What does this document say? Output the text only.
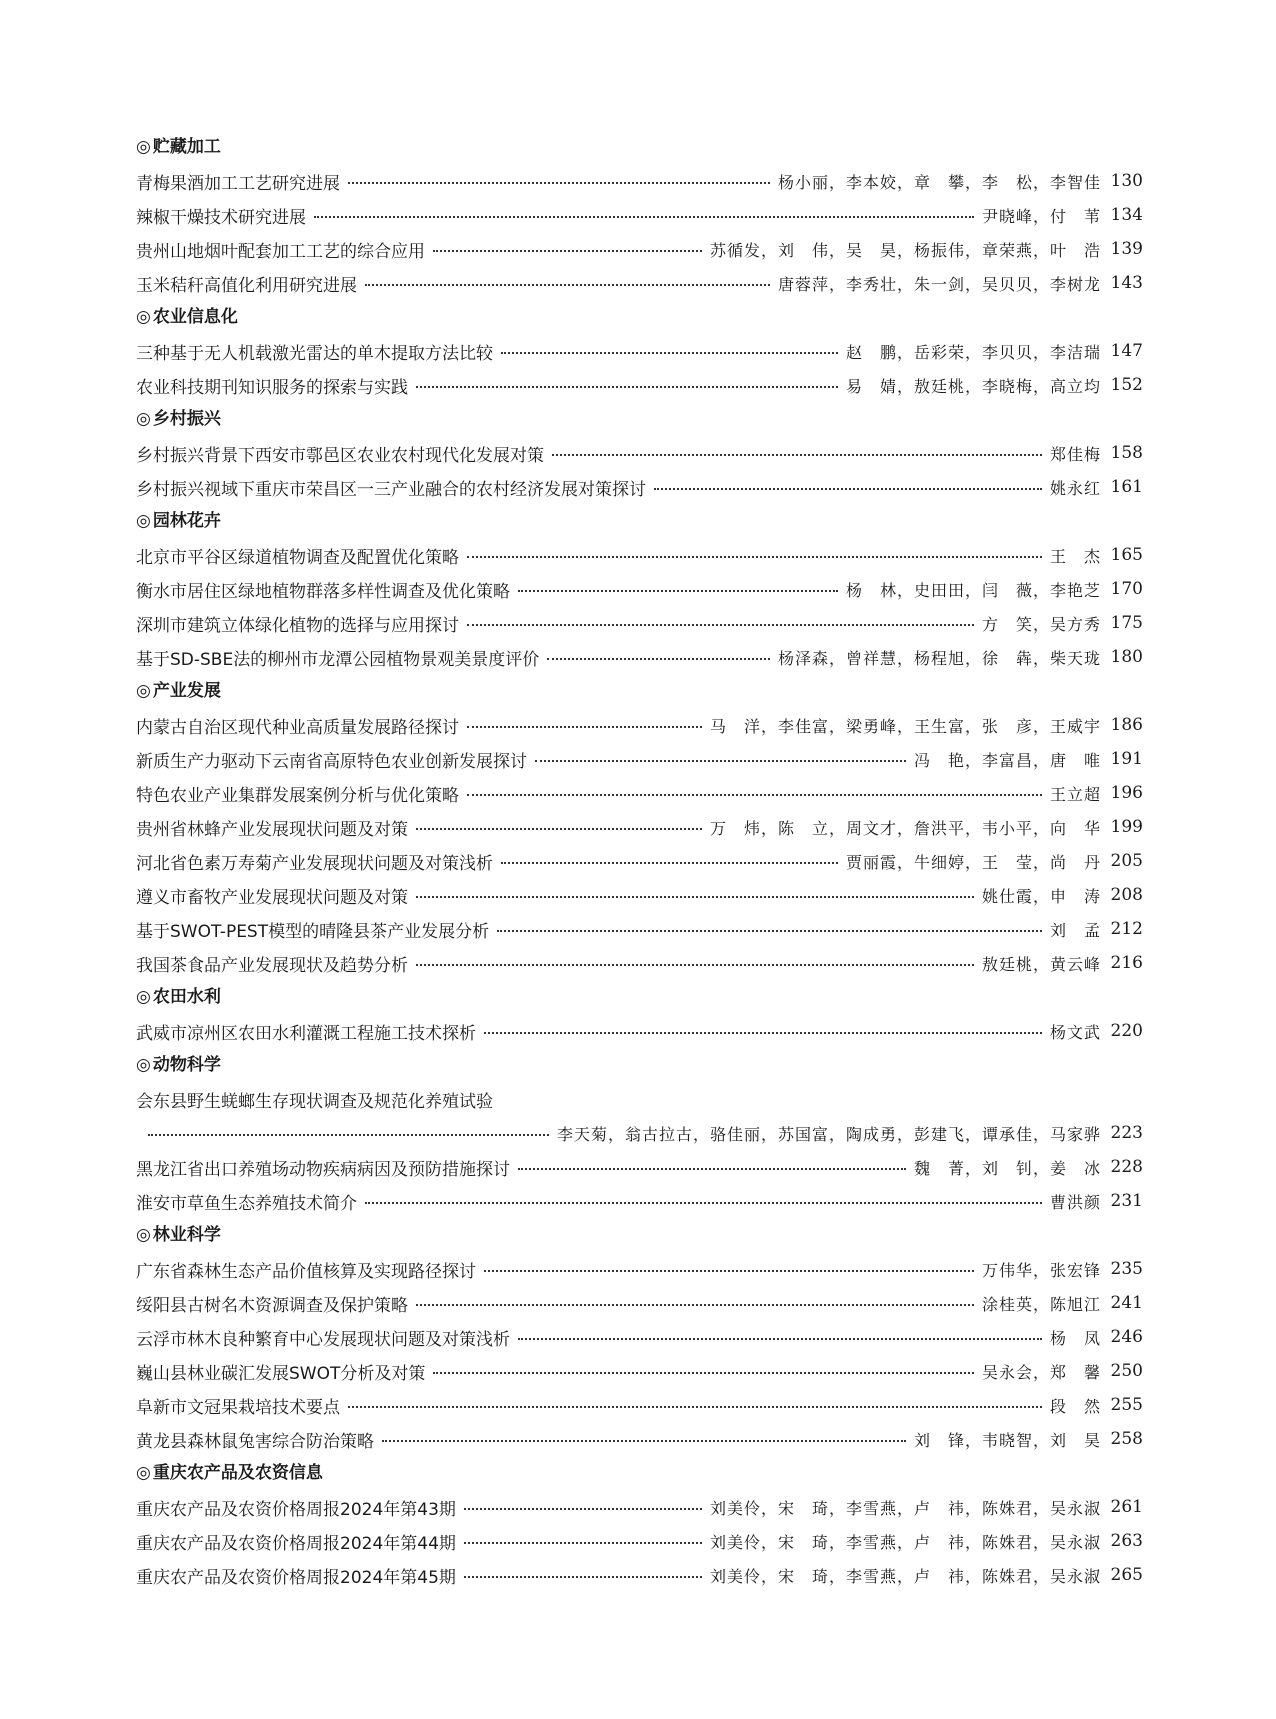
◎ 贮藏加工
青梅果酒加工工艺研究进展	杨小丽，李本姣，章　攀，李　松，李智佳 130
辣椒干燥技术研究进展	尹晓峰，付　苇 134
贵州山地烟叶配套加工工艺的综合应用	苏循发，刘　伟，吴　昊，杨振伟，章荣燕，叶　浩 139
玉米秸秆高值化利用研究进展	唐蓉萍，李秀壮，朱一剑，吴贝贝，李树龙 143
◎ 农业信息化
三种基于无人机载激光雷达的单木提取方法比较	赵　鹏，岳彩荣，李贝贝，李洁瑞 147
农业科技期刊知识服务的探索与实践	易　婧，敖廷桃，李晓梅，高立均 152
◎ 乡村振兴
乡村振兴背景下西安市鄠邑区农业农村现代化发展对策	郑佳梅 158
乡村振兴视域下重庆市荣昌区一三产业融合的农村经济发展对策探讨	姚永红 161
◎ 园林花卉
北京市平谷区绿道植物调查及配置优化策略	王　杰 165
衡水市居住区绿地植物群落多样性调查及优化策略	杨　林，史田田，闫　薇，李艳芝 170
深圳市建筑立体绿化植物的选择与应用探讨	方　笑，吴方秀 175
基于SD-SBE法的柳州市龙潭公园植物景观美景度评价	杨泽森，曾祥慧，杨程旭，徐　犇，柴天珑 180
◎ 产业发展
内蒙古自治区现代种业高质量发展路径探讨	马　洋，李佳富，梁勇峰，王生富，张　彦，王威宇 186
新质生产力驱动下云南省高原特色农业创新发展探讨	冯　艳，李富昌，唐　唯 191
特色农业产业集群发展案例分析与优化策略	王立超 196
贵州省林蜂产业发展现状问题及对策	万　炜，陈　立，周文才，詹洪平，韦小平，向　华 199
河北省色素万寿菊产业发展现状问题及对策浅析	贾丽霞，牛细婷，王　莹，尚　丹 205
遵义市畜牧产业发展现状问题及对策	姚仕霞，申　涛 208
基于SWOT-PEST模型的晴隆县茶产业发展分析	刘　孟 212
我国茶食品产业发展现状及趋势分析	敖廷桃，黄云峰 216
◎ 农田水利
武威市凉州区农田水利灌溉工程施工技术探析	杨文武 220
◎ 动物科学
会东县野生蜣螂生存现状调查及规范化养殖试验
李天菊，翁古拉古，骆佳丽，苏国富，陶成勇，彭建飞，谭承佳，马家骅 223
黑龙江省出口养殖场动物疾病病因及预防措施探讨	魏　菁，刘　钊，姜　冰 228
淮安市草鱼生态养殖技术简介	曹洪颜 231
◎ 林业科学
广东省森林生态产品价值核算及实现路径探讨	万伟华，张宏锋 235
绥阳县古树名木资源调查及保护策略	涂桂英，陈旭江 241
云浮市林木良种繁育中心发展现状问题及对策浅析	杨　凤 246
巍山县林业碳汇发展SWOT分析及对策	吴永会，郑　馨 250
阜新市文冠果栽培技术要点	段　然 255
黄龙县森林鼠兔害综合防治策略	刘　锋，韦晓智，刘　昊 258
◎ 重庆农产品及农资信息
重庆农产品及农资价格周报2024年第43期	刘美伶，宋　琦，李雪燕，卢　祎，陈姝君，吴永淑 261
重庆农产品及农资价格周报2024年第44期	刘美伶，宋　琦，李雪燕，卢　祎，陈姝君，吴永淑 263
重庆农产品及农资价格周报2024年第45期	刘美伶，宋　琦，李雪燕，卢　祎，陈姝君，吴永淑 265
